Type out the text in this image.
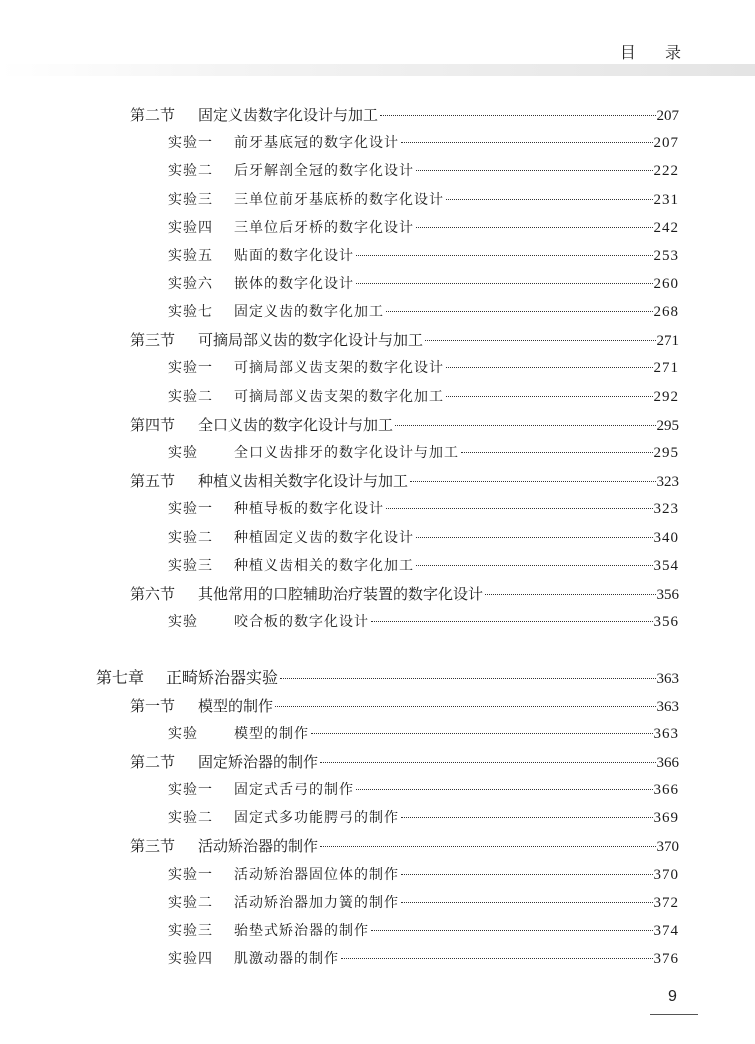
目 录
第二节 固定义齿数字化设计与加工	207
实验一 前牙基底冠的数字化设计	207
实验二 后牙解剖全冠的数字化设计	222
实验三 三单位前牙基底桥的数字化设计	231
实验四 三单位后牙桥的数字化设计	242
实验五 贴面的数字化设计	253
实验六 嵌体的数字化设计	260
实验七 固定义齿的数字化加工	268
第三节 可摘局部义齿的数字化设计与加工	271
实验一 可摘局部义齿支架的数字化设计	271
实验二 可摘局部义齿支架的数字化加工	292
第四节 全口义齿的数字化设计与加工	295
实验	全口义齿排牙的数字化设计与加工	295
第五节 种植义齿相关数字化设计与加工	323
实验一 种植导板的数字化设计	323
实验二 种植固定义齿的数字化设计	340
实验三 种植义齿相关的数字化加工	354
第六节 其他常用的口腔辅助治疗装置的数字化设计	356
实验	咬合板的数字化设计	356
第七章 正畸矫治器实验	363
第一节 模型的制作	363
实验	模型的制作	363
第二节 固定矫治器的制作	366
实验一 固定式舌弓的制作	366
实验二 固定式多功能腭弓的制作	369
第三节 活动矫治器的制作	370
实验一 活动矫治器固位体的制作	370
实验二 活动矫治器加力簧的制作	372
实验三 骀垫式矫治器的制作	374
实验四 肌激动器的制作	376
9
